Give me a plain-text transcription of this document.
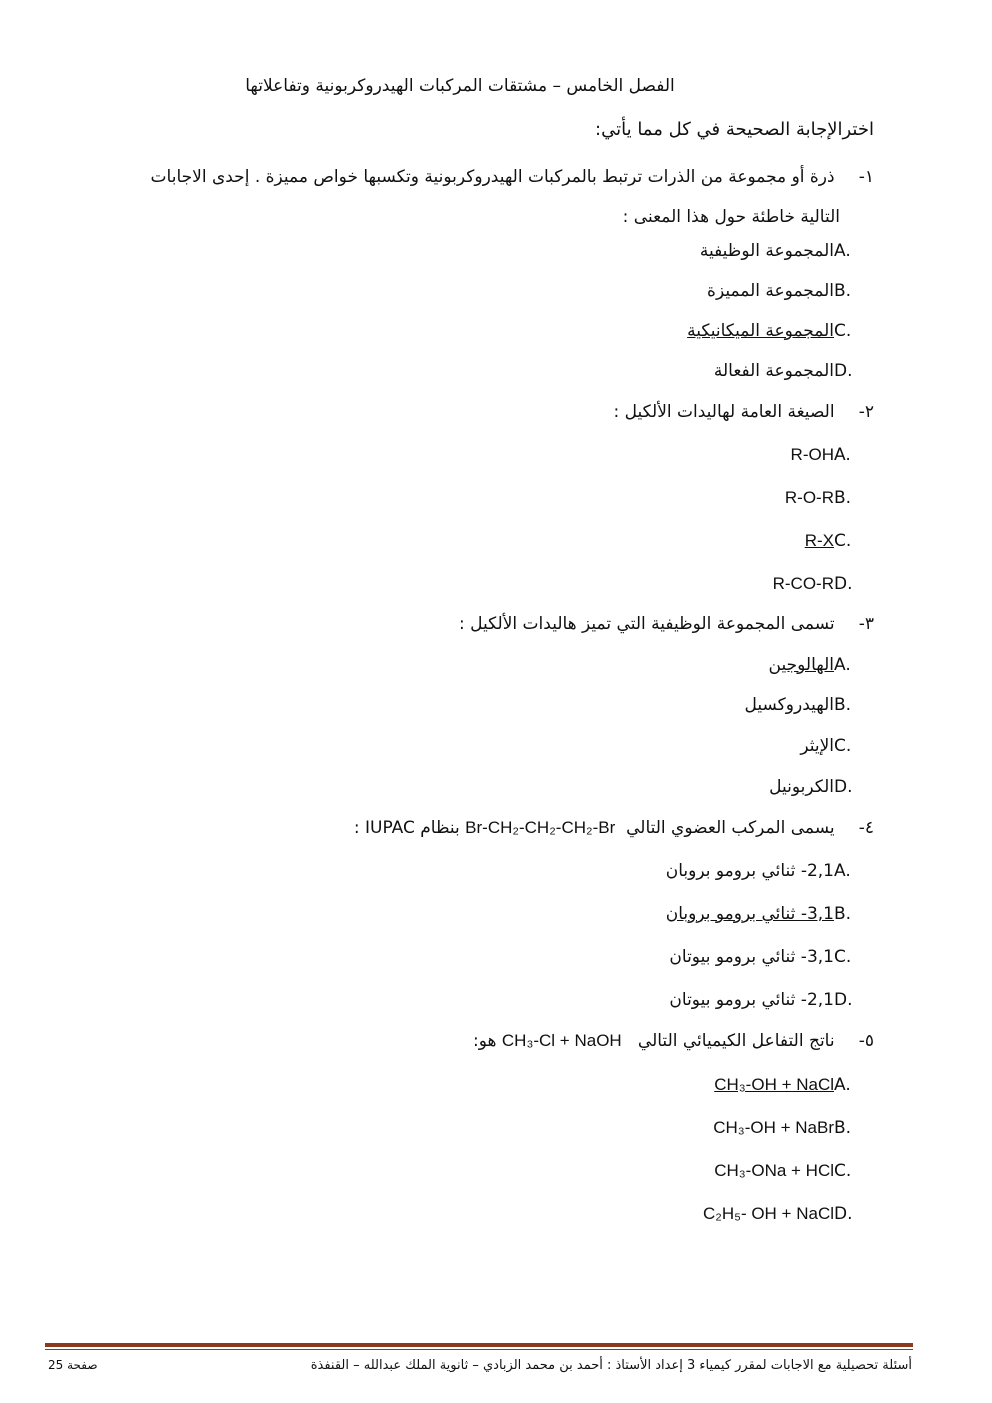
الفصل الخامس – مشتقات المركبات الهيدروكربونية وتفاعلاتها
اخترالإجابة الصحيحة في كل مما يأتي:
١- ذرة أو مجموعة من الذرات ترتبط بالمركبات الهيدروكربونية وتكسبها خواص مميزة . إحدى الاجابات
التالية خاطئة حول هذا المعنى :
A.
المجموعة الوظيفية
B.
المجموعة المميزة
C.
المجموعة الميكانيكية
D.
المجموعة الفعالة
٢- الصيغة العامة لهاليدات الألكيل :
A.
R-OH
B.
R-O-R
C.
R-X
D.
R-CO-R
٣- تسمى المجموعة الوظيفية التي تميز هاليدات الألكيل :
A.
الهالوجين
B.
الهيدروكسيل
C.
الإيثر
D.
الكربونيل
٤- يسمى المركب العضوي التالي  Br-CH₂-CH₂-CH₂-Br بنظام IUPAC :
A.
2,1- ثنائي برومو بروبان
B.
3,1- ثنائي برومو بروبان
C.
3,1- ثنائي برومو بيوتان
D.
2,1- ثنائي برومو بيوتان
٥- ناتج التفاعل الكيميائي التالي   CH₃-Cl + NaOH هو:
A.
CH₃-OH + NaCl
B.
CH₃-OH + NaBr
C.
CH₃-ONa + HCl
D.
C₂H₅- OH + NaCl
صفحة 25	أسئلة تحصيلية مع الاجابات لمقرر كيمياء 3 إعداد الأستاذ : أحمد بن محمد الزبادي – ثانوية الملك عبدالله – القنفذة
